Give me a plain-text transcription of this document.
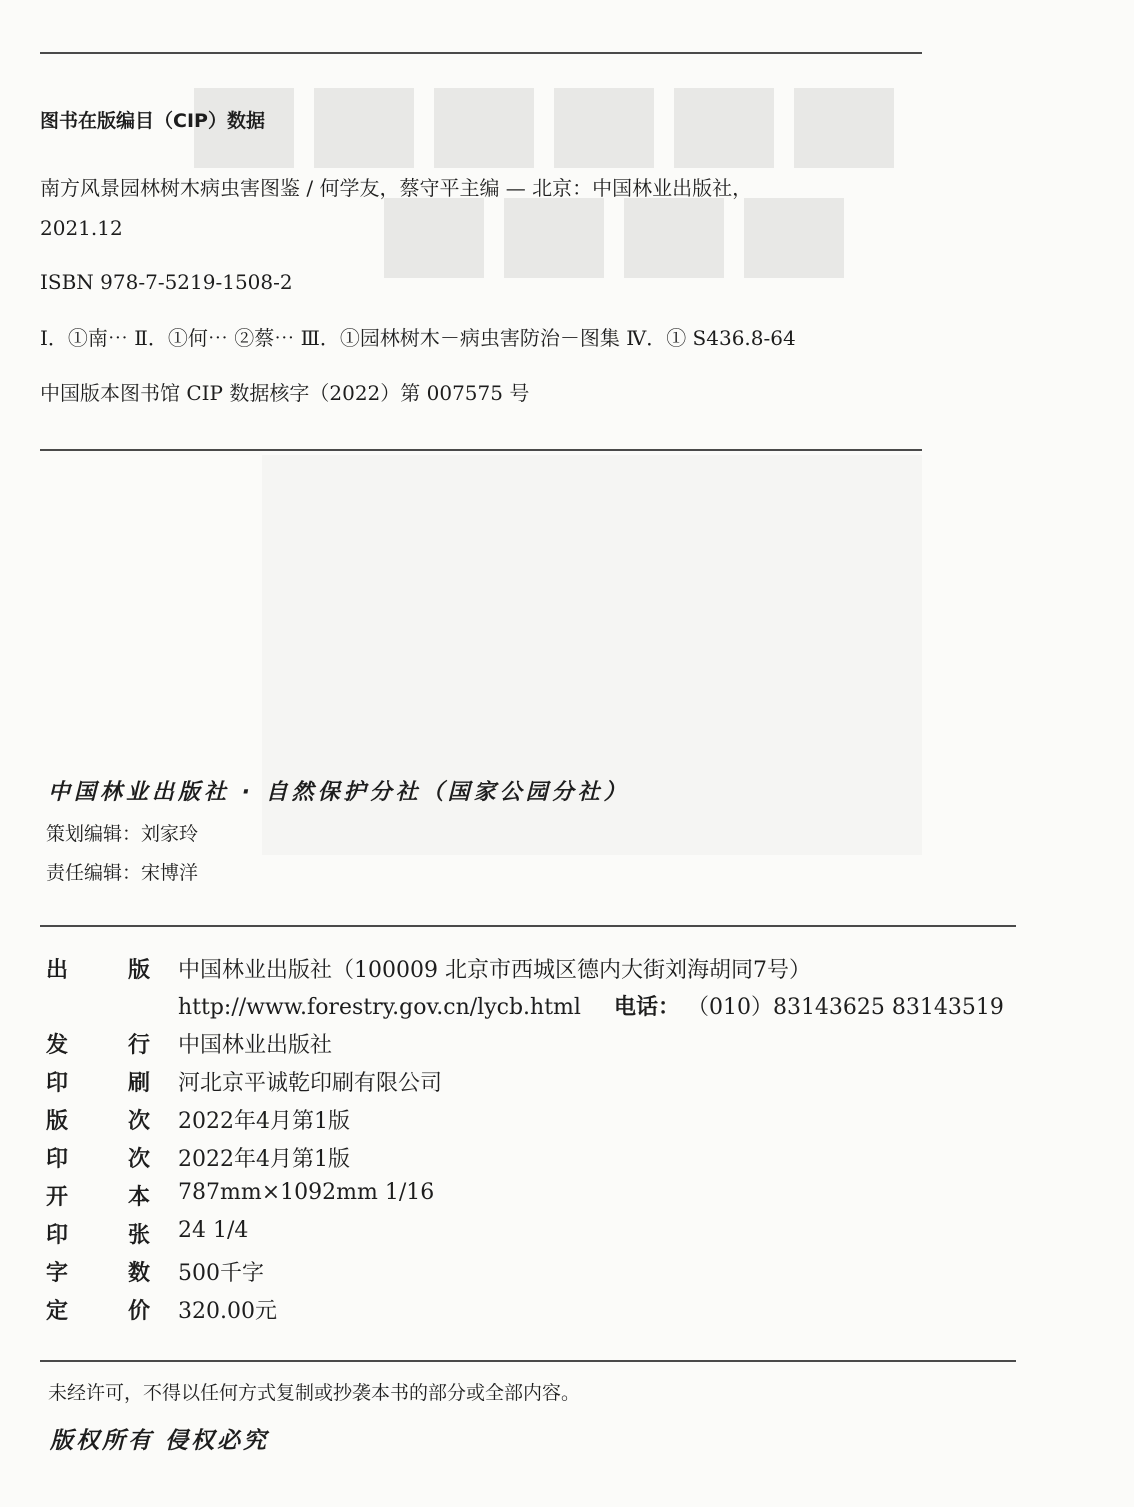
图书在版编目（CIP）数据
南方风景园林树木病虫害图鉴 / 何学友，蔡守平主编 — 北京：中国林业出版社，
2021.12
ISBN 978-7-5219-1508-2
Ⅰ．①南⋯ Ⅱ．①何⋯ ②蔡⋯ Ⅲ．①园林树木－病虫害防治－图集 Ⅳ．① S436.8-64
中国版本图书馆 CIP 数据核字（2022）第 007575 号
中国林业出版社 · 自然保护分社（国家公园分社）
策划编辑：刘家玲
责任编辑：宋博洋
出	版 中国林业出版社（100009 北京市西城区德内大街刘海胡同7号）
http://www.forestry.gov.cn/lycb.html 电话： （010）83143625 83143519
发	行 中国林业出版社
印	刷 河北京平诚乾印刷有限公司
版	次 2022年4月第1版
印	次 2022年4月第1版
开	本 787mm×1092mm 1/16
印	张 24 1/4
字	数 500千字
定	价 320.00元
未经许可，不得以任何方式复制或抄袭本书的部分或全部内容。
版权所有 侵权必究
